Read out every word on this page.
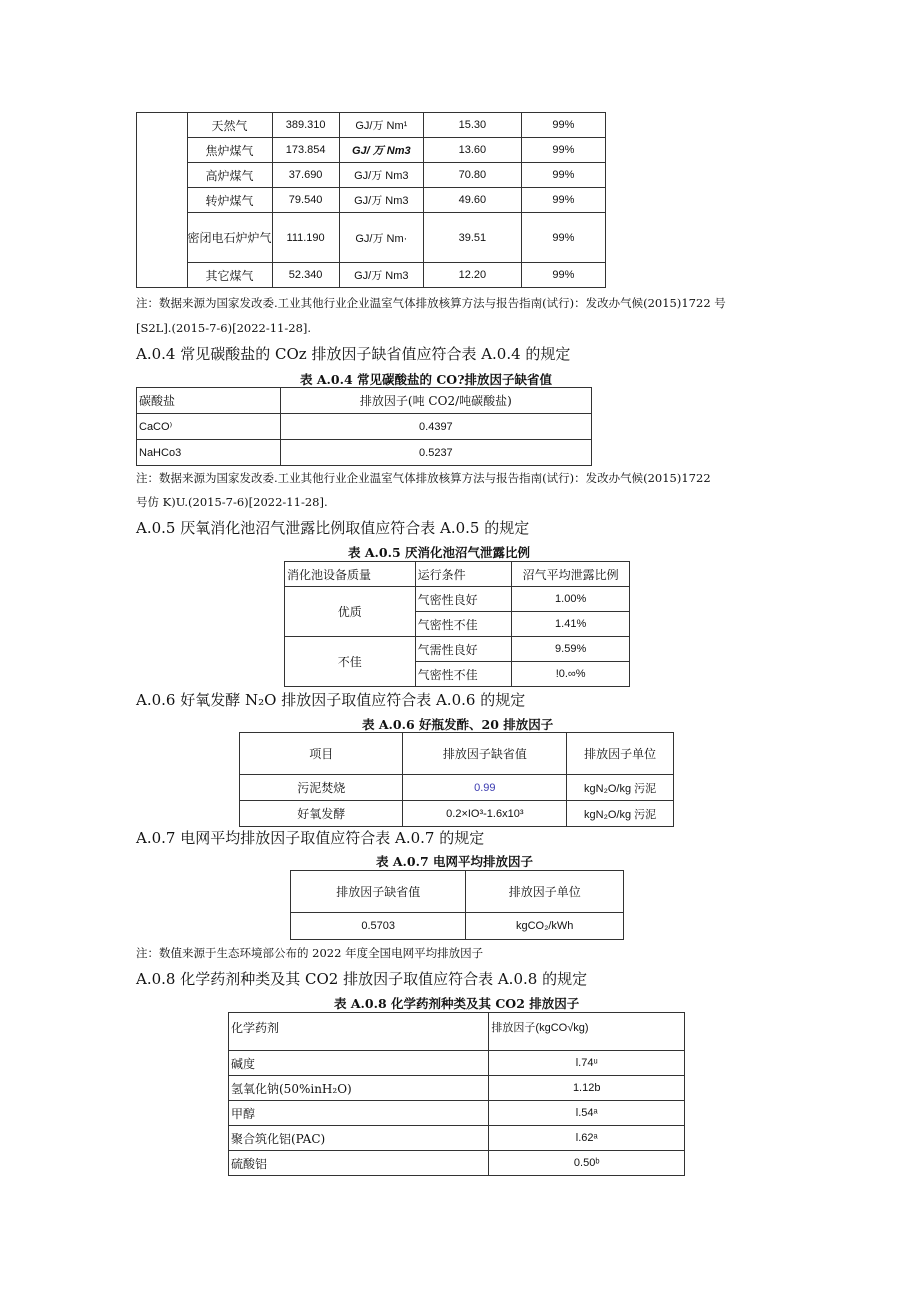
	天然气	389.310	GJ/万 Nm¹	15.30	99%
	焦炉煤气	173.854	GJ/ 万 Nm3	13.60	99%
	高炉煤气	37.690	GJ/万 Nm3	70.80	99%
	转炉煤气	79.540	GJ/万 Nm3	49.60	99%
	密闭电石炉炉气	111.190	GJ/万 Nm·	39.51	99%
	其它煤气	52.340	GJ/万 Nm3	12.20	99%
注：数据来源为国家发改委.工业其他行业企业温室气体排放核算方法与报告指南(试行)：发改办气候(2015)1722 号
[S2L].(2015-7-6)[2022-11-28].
A.0.4 常见碳酸盐的 COz 排放因子缺省值应符合表 A.0.4 的规定
表 A.0.4 常见碳酸盐的 CO?排放因子缺省值
碳酸盐	排放因子(吨 CO2/吨碳酸盐)
CaCO⁾	0.4397
NaHCo3	0.5237
注：数据来源为国家发改委.工业其他行业企业温室气体排放核算方法与报告指南(试行)：发改办气候(2015)1722
号仿 K)U.(2015-7-6)[2022-11-28].
A.0.5 厌氧消化池沼气泄露比例取值应符合表 A.0.5 的规定
表 A.0.5 厌消化池沼气泄露比例
消化池设备质量	运行条件	沼气平均泄露比例
优质	气密性良好	1.00%
	气密性不佳	1.41%
不佳	气需性良好	9.59%
	气密性不佳	!0.∞%
A.0.6 好氧发酵 N₂O 排放因子取值应符合表 A.0.6 的规定
表 A.0.6 好瓶发酢、20 排放因子
项目	排放因子缺省值	排放因子单位
污泥焚烧	0.99	kgN₂O/kg 污泥
好氧发酵	0.2×IO³-1.6x10³	kgN₂O/kg 污泥
A.0.7 电网平均排放因子取值应符合表 A.0.7 的规定
表 A.0.7 电网平均排放因子
排放因子缺省值	排放因子单位
0.5703	kgCO₂/kWh
注：数值来源于生态环境部公布的 2022 年度全国电网平均排放因子
A.0.8 化学药剂种类及其 CO2 排放因子取值应符合表 A.0.8 的规定
表 A.0.8 化学药剂种类及其 CO2 排放因子
化学药剂	排放因子(kgCO√kg)
碱度	l.74ᵘ
氢氧化钠(50%inH₂O)	1.12b
甲醇	l.54ᵃ
聚合筑化铝(PAC)	l.62ᵃ
硫酸铝	0.50ᵇ
